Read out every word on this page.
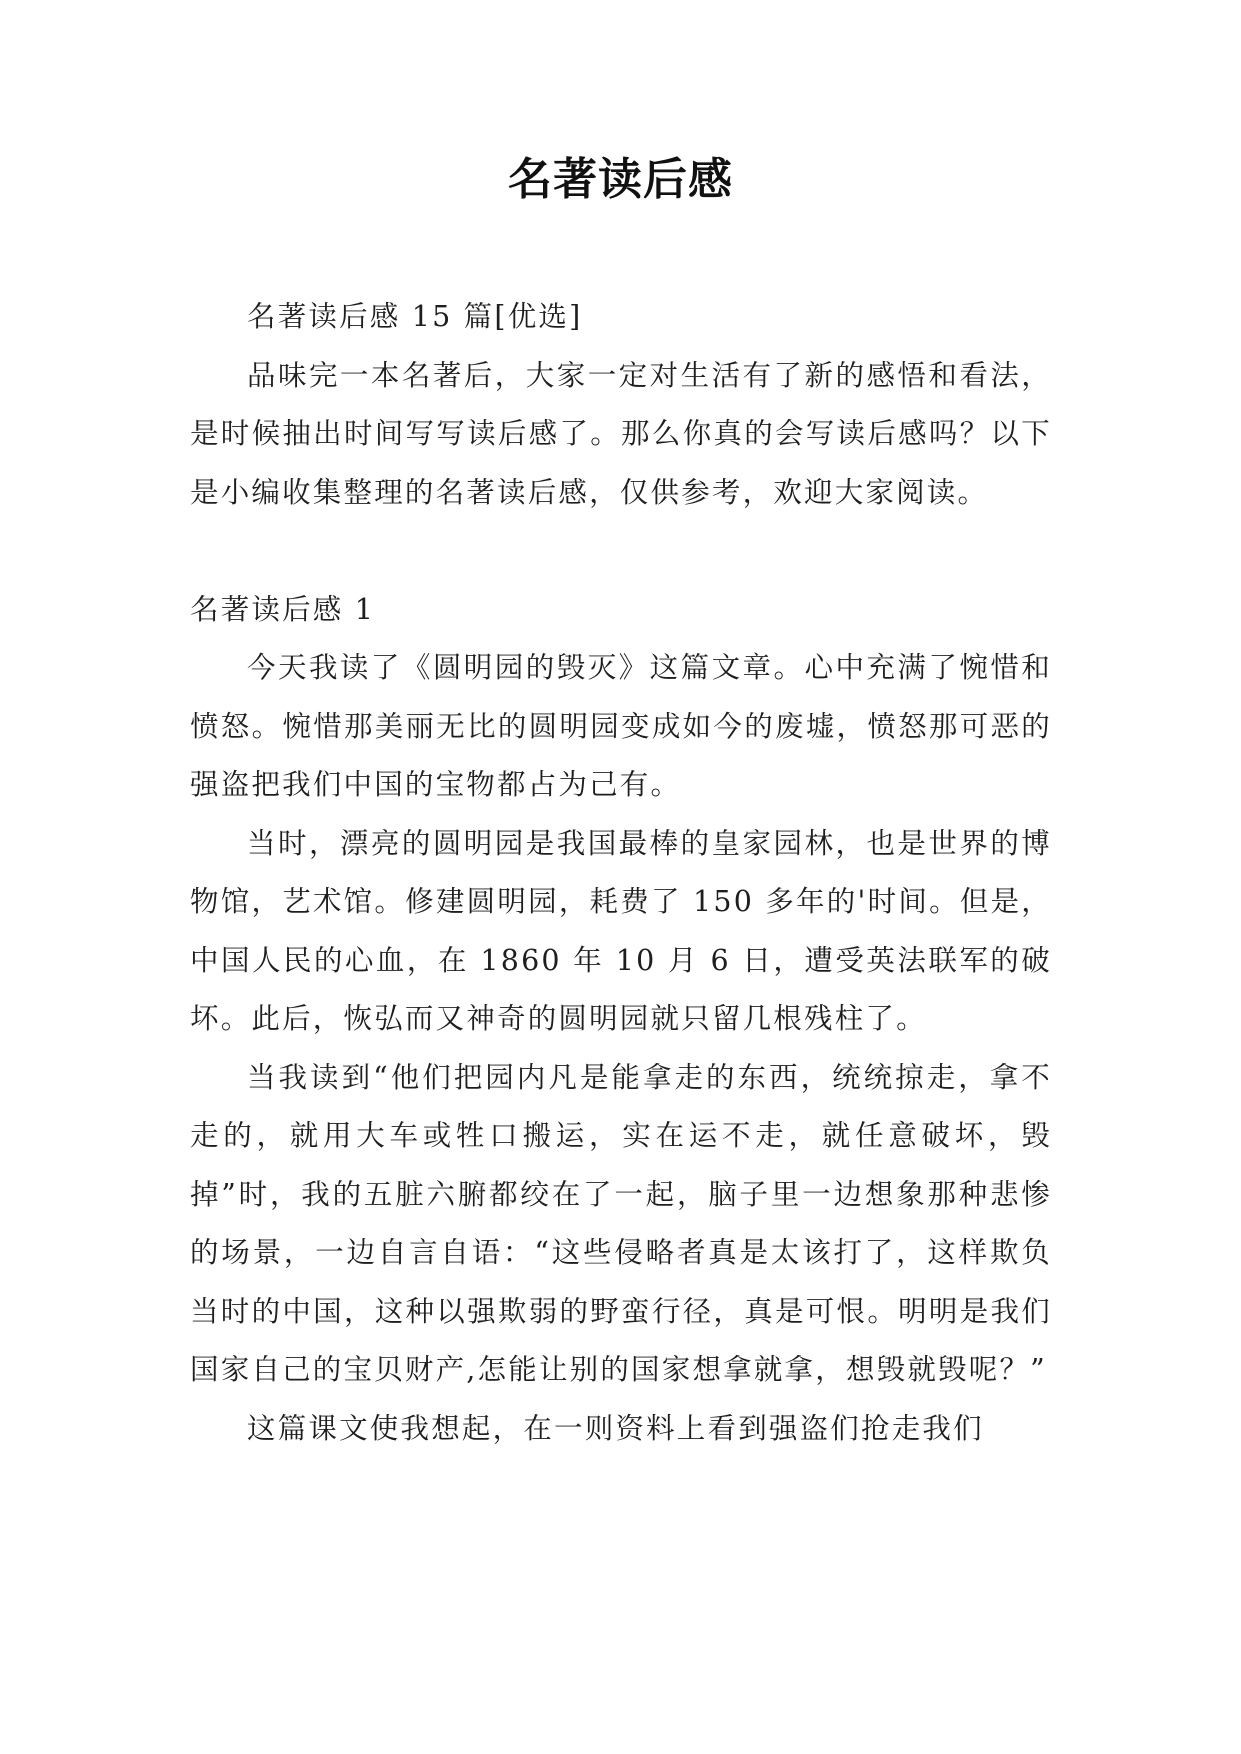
名著读后感

名著读后感 15 篇[优选]

品味完一本名著后，大家一定对生活有了新的感悟和看法，是时候抽出时间写写读后感了。那么你真的会写读后感吗？以下是小编收集整理的名著读后感，仅供参考，欢迎大家阅读。

名著读后感 1

今天我读了《圆明园的毁灭》这篇文章。心中充满了惋惜和愤怒。惋惜那美丽无比的圆明园变成如今的废墟，愤怒那可恶的强盗把我们中国的宝物都占为己有。

当时，漂亮的圆明园是我国最棒的皇家园林，也是世界的博物馆，艺术馆。修建圆明园，耗费了 150 多年的'时间。但是，中国人民的心血，在 1860 年 10 月 6 日，遭受英法联军的破坏。此后，恢弘而又神奇的圆明园就只留几根残柱了。

当我读到“他们把园内凡是能拿走的东西，统统掠走，拿不走的，就用大车或牲口搬运，实在运不走，就任意破坏，毁掉”时，我的五脏六腑都绞在了一起，脑子里一边想象那种悲惨的场景，一边自言自语：“这些侵略者真是太该打了，这样欺负当时的中国，这种以强欺弱的野蛮行径，真是可恨。明明是我们国家自己的宝贝财产,怎能让别的国家想拿就拿，想毁就毁呢？”

这篇课文使我想起，在一则资料上看到强盗们抢走我们
